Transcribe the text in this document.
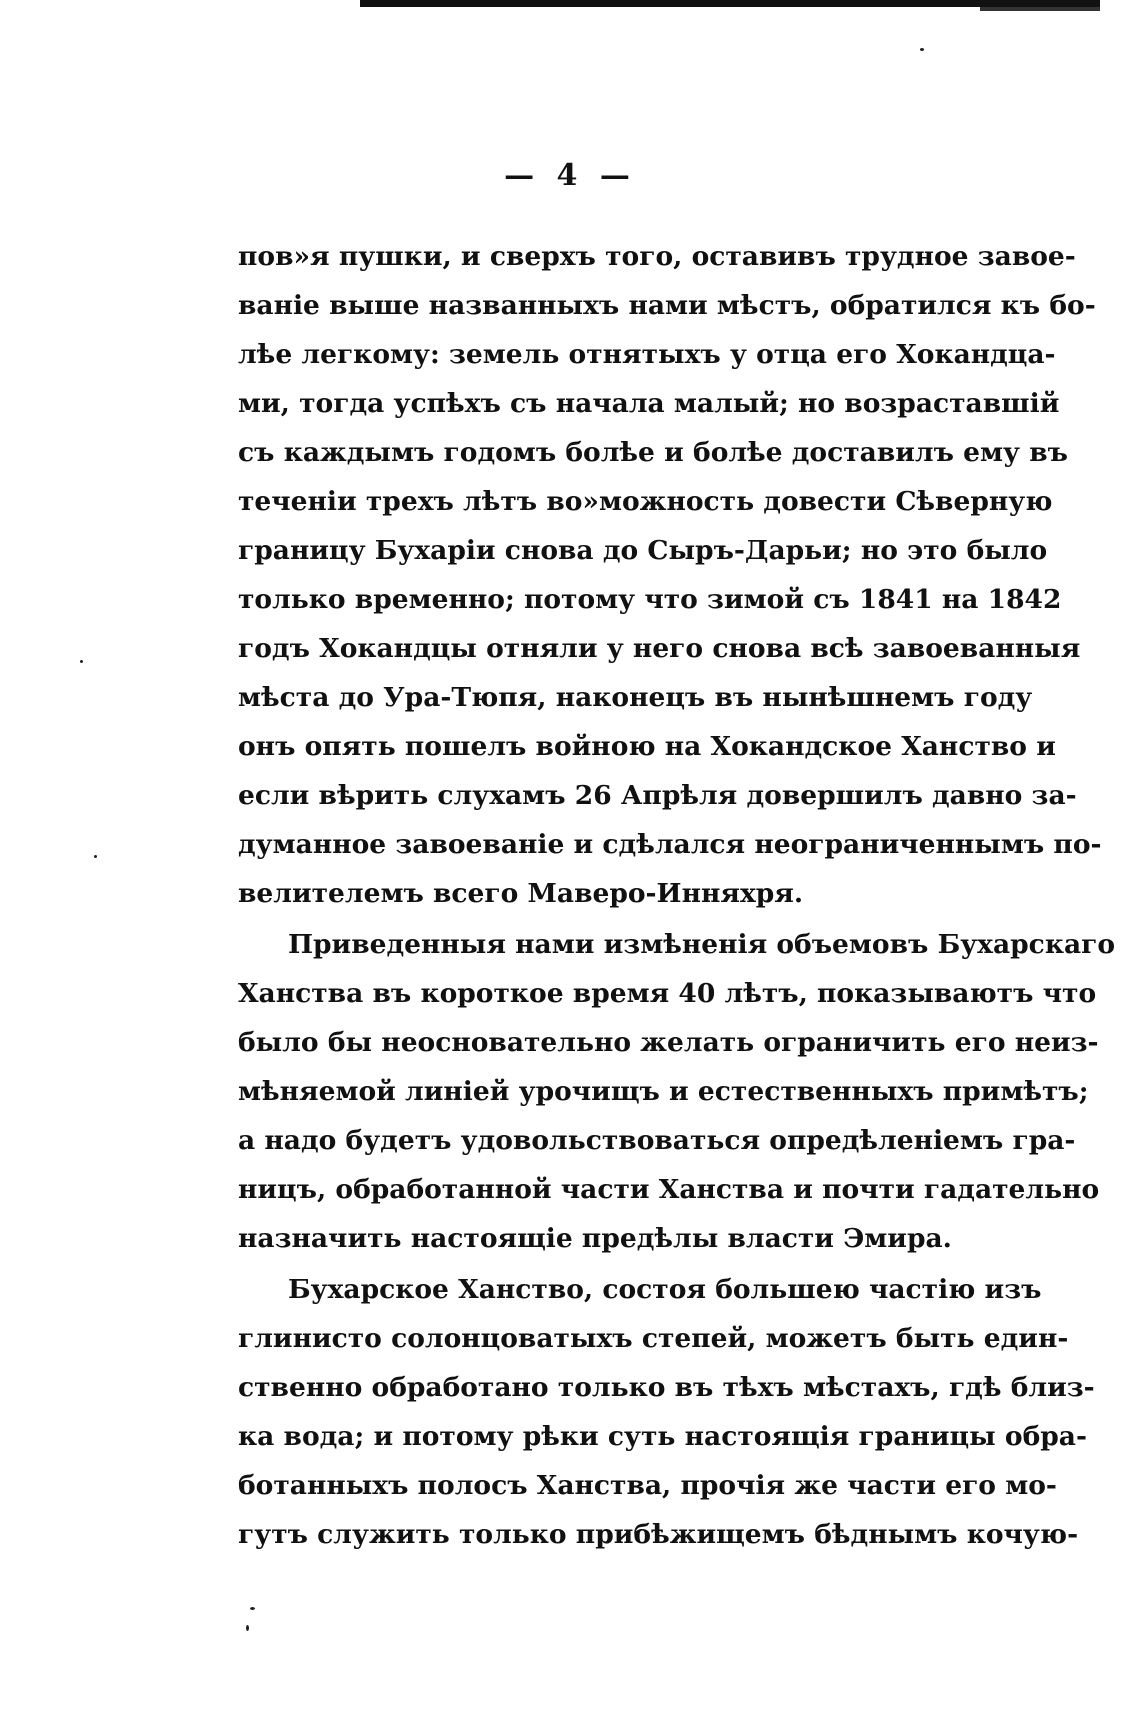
— 4 —
пов»я пушки, и сверхъ того, оставивъ трудное завое-
ваніе выше названныхъ нами мѣстъ, обратился къ бо-
лѣе легкому: земель отнятыхъ у отца его Хокандца-
ми, тогда успѣхъ съ начала малый; но возраставшій
съ каждымъ годомъ болѣе и болѣе доставилъ ему въ
теченіи трехъ лѣтъ во»можность довести Сѣверную
границу Бухаріи снова до Сыръ-Дарьи; но это было
только временно; потому что зимой съ 1841 на 1842
годъ Хокандцы отняли у него снова всѣ завоеванныя
мѣста до Ура-Тюпя, наконецъ въ нынѣшнемъ году
онъ опять пошелъ войною на Хокандское Ханство и
если вѣрить слухамъ 26 Апрѣля довершилъ давно за-
думанное завоеваніе и сдѣлался неограниченнымъ по-
велителемъ всего Маверо-Инняхря.
Приведенныя нами измѣненія объемовъ Бухарскаго
Ханства въ короткое время 40 лѣтъ, показываютъ что
было бы неосновательно желать ограничить его неиз-
мѣняемой линіей урочищъ и естественныхъ примѣтъ;
а надо будетъ удовольствоваться опредѣленіемъ гра-
ницъ, обработанной части Ханства и почти гадательно
назначить настоящіе предѣлы власти Эмира.
Бухарское Ханство, состоя большею частію изъ
глинисто солонцоватыхъ степей, можетъ быть един-
ственно обработано только въ тѣхъ мѣстахъ, гдѣ близ-
ка вода; и потому рѣки суть настоящія границы обра-
ботанныхъ полосъ Ханства, прочія же части его мо-
гутъ служить только прибѣжищемъ бѣднымъ кочую-
